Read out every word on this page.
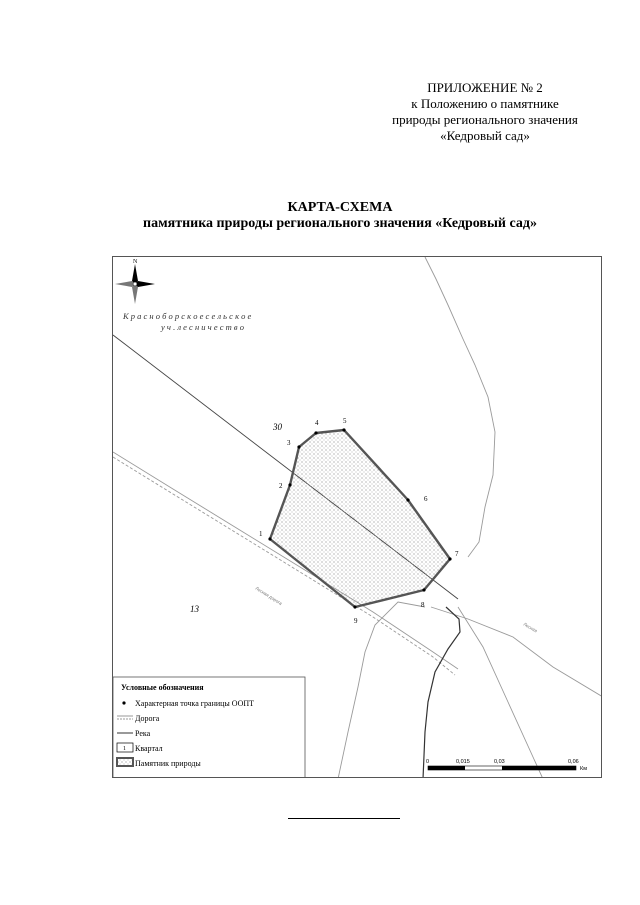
ПРИЛОЖЕНИЕ № 2
к Положению о памятнике
природы регионального значения
«Кедровый сад»
КАРТА-СХЕМА
памятника природы регионального значения «Кедровый сад»
1
2
3
4	5
6
7
8
9
30
13
Лесная дорога
Лесная
К р а с н о б о р с к о е с е л ь с к о е
у ч . л е с н и ч е с т в о
N
Условные обозначения
Характерная точка границы ООПТ
Дорога
Река
1 Квартал
Памятник природы	0	0,015	0,03	0,06
Км
